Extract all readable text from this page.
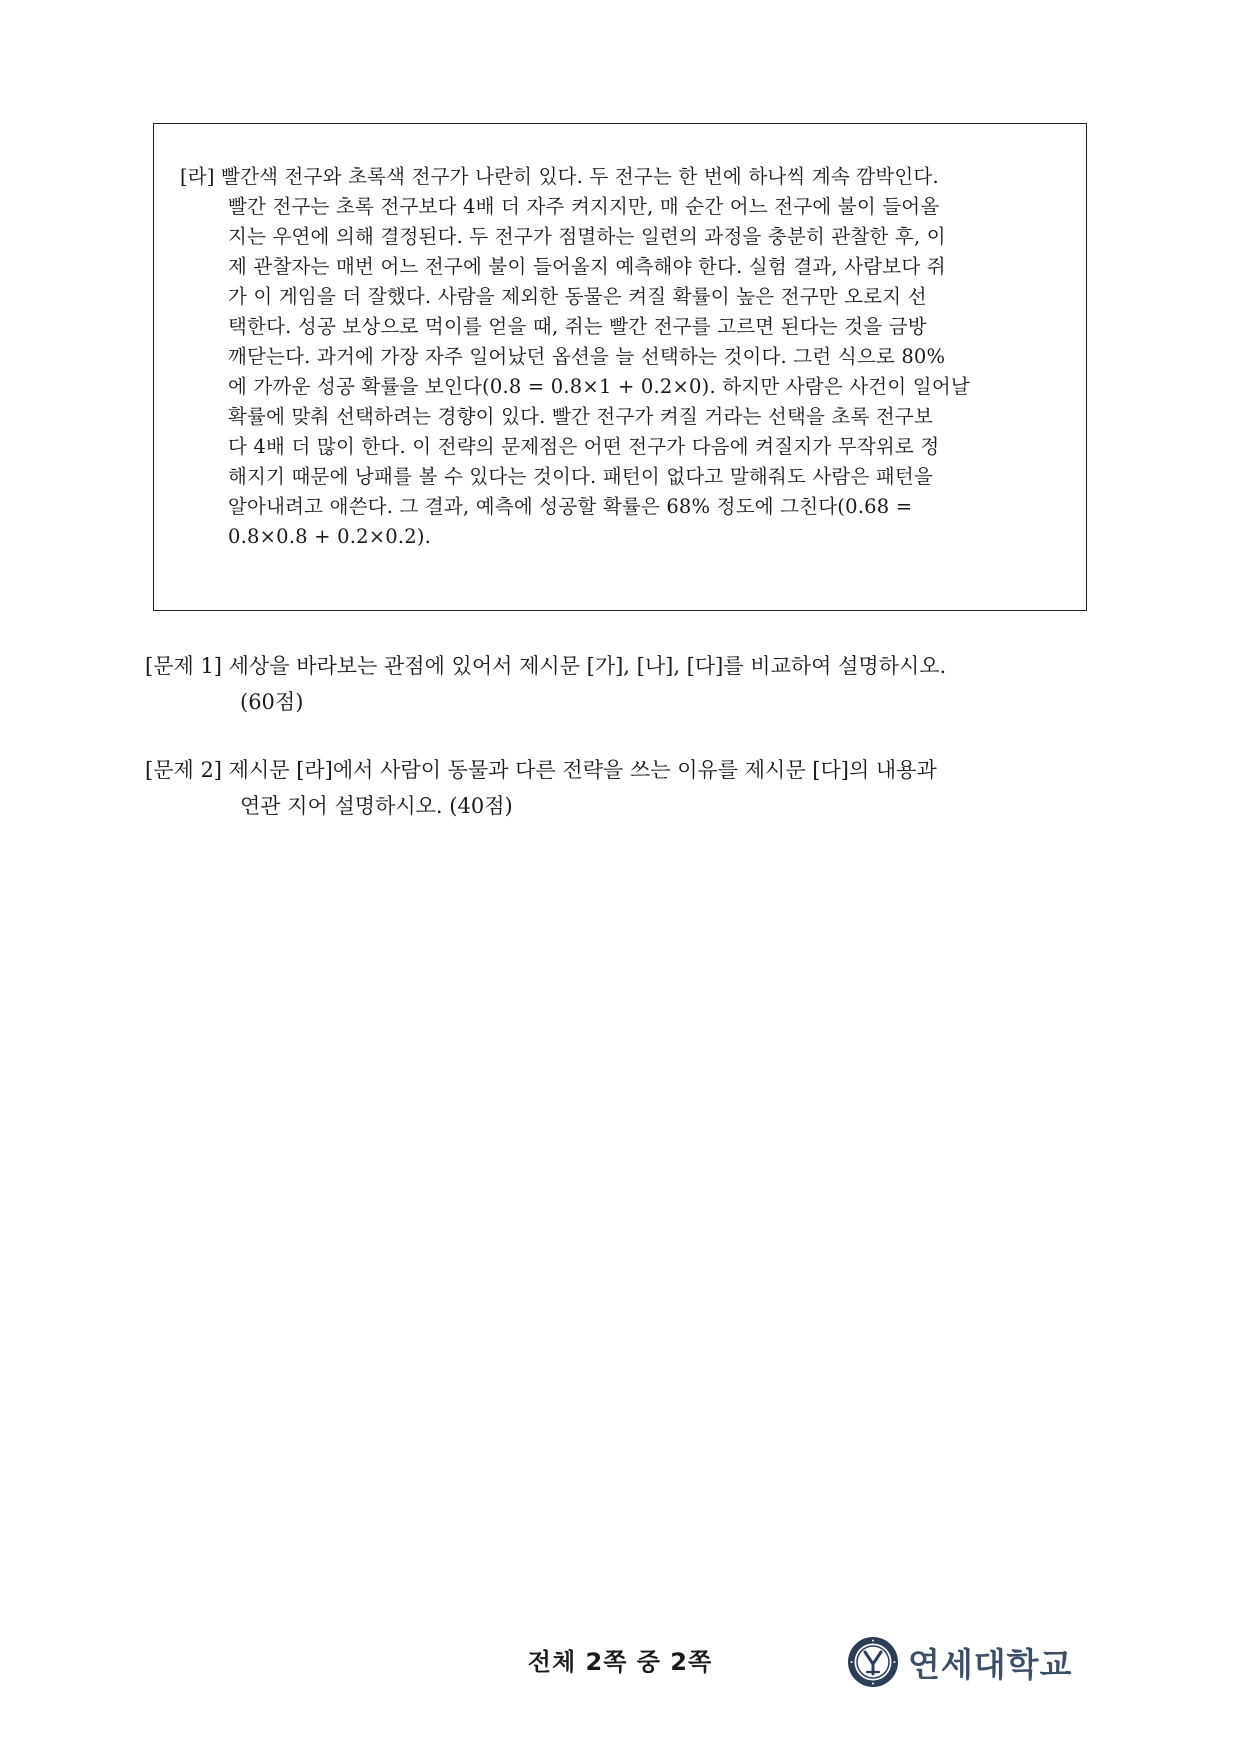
[라] 빨간색 전구와 초록색 전구가 나란히 있다. 두 전구는 한 번에 하나씩 계속 깜박인다.
빨간 전구는 초록 전구보다 4배 더 자주 켜지지만, 매 순간 어느 전구에 불이 들어올
지는 우연에 의해 결정된다. 두 전구가 점멸하는 일련의 과정을 충분히 관찰한 후, 이
제 관찰자는 매번 어느 전구에 불이 들어올지 예측해야 한다. 실험 결과, 사람보다 쥐
가 이 게임을 더 잘했다. 사람을 제외한 동물은 켜질 확률이 높은 전구만 오로지 선
택한다. 성공 보상으로 먹이를 얻을 때, 쥐는 빨간 전구를 고르면 된다는 것을 금방
깨닫는다. 과거에 가장 자주 일어났던 옵션을 늘 선택하는 것이다. 그런 식으로 80%
에 가까운 성공 확률을 보인다(0.8 = 0.8×1 + 0.2×0). 하지만 사람은 사건이 일어날
확률에 맞춰 선택하려는 경향이 있다. 빨간 전구가 켜질 거라는 선택을 초록 전구보
다 4배 더 많이 한다. 이 전략의 문제점은 어떤 전구가 다음에 켜질지가 무작위로 정
해지기 때문에 낭패를 볼 수 있다는 것이다. 패턴이 없다고 말해줘도 사람은 패턴을
알아내려고 애쓴다. 그 결과, 예측에 성공할 확률은 68% 정도에 그친다(0.68 =
0.8×0.8 + 0.2×0.2).
[문제 1] 세상을 바라보는 관점에 있어서 제시문 [가], [나], [다]를 비교하여 설명하시오.
(60점)
[문제 2] 제시문 [라]에서 사람이 동물과 다른 전략을 쓰는 이유를 제시문 [다]의 내용과
연관 지어 설명하시오. (40점)
전체 2쪽 중 2쪽	연세대학교
